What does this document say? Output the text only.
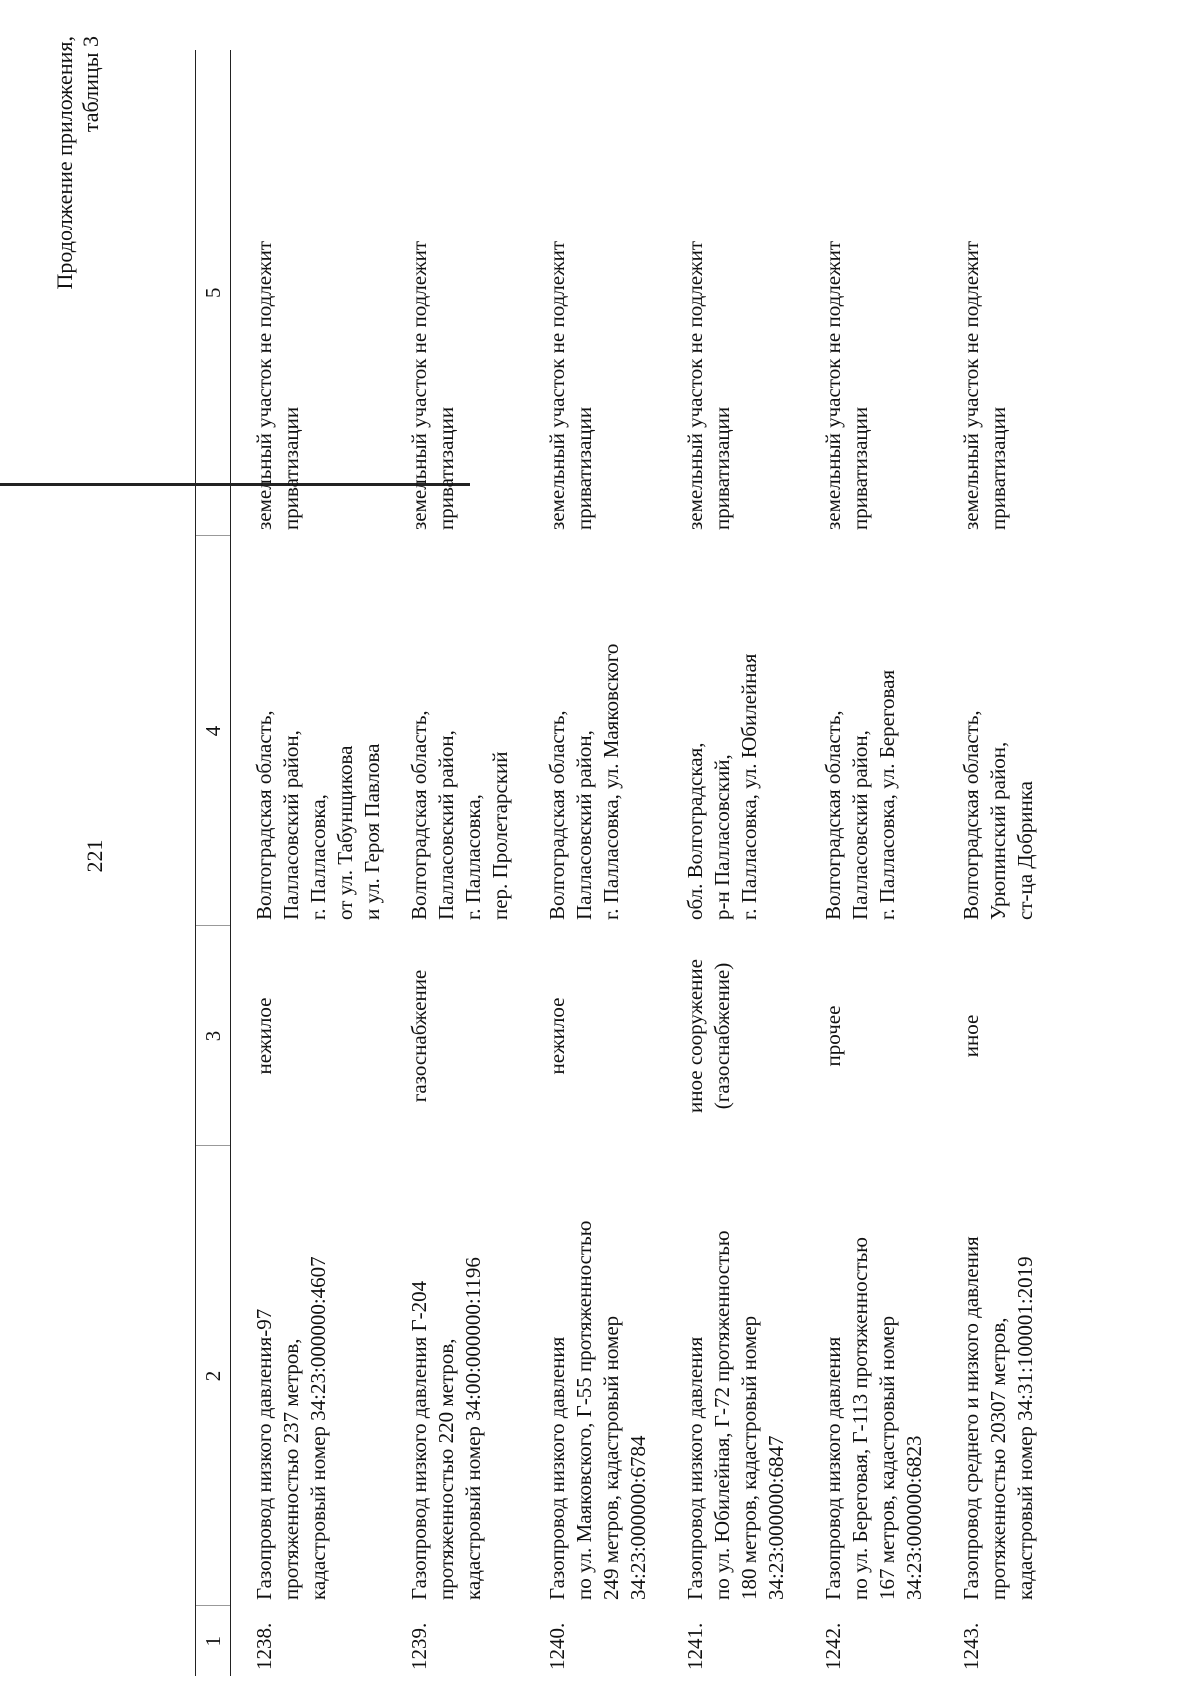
221
Продолжение приложения,
таблицы 3
1	2	3	4	5
1238.	Газопровод низкого давления-97
протяженностью 237 метров,
кадастровый номер 34:23:000000:4607	нежилое	Волгоградская область,
Палласовский район,
г. Палласовка,
от ул. Табунщикова
и ул. Героя Павлова	земельный участок не подлежит
приватизации
1239.	Газопровод низкого давления Г-204
протяженностью 220 метров,
кадастровый номер 34:00:000000:1196	газоснабжение	Волгоградская область,
Палласовский район,
г. Палласовка,
пер. Пролетарский	земельный участок не подлежит
приватизации
1240.	Газопровод низкого давления
по ул. Маяковского, Г-55 протяженностью
249 метров, кадастровый номер
34:23:000000:6784	нежилое	Волгоградская область,
Палласовский район,
г. Палласовка, ул. Маяковского	земельный участок не подлежит
приватизации
1241.	Газопровод низкого давления
по ул. Юбилейная, Г-72 протяженностью
180 метров, кадастровый номер
34:23:000000:6847	иное сооружение
(газоснабжение)	обл. Волгоградская,
р-н Палласовский,
г. Палласовка, ул. Юбилейная	земельный участок не подлежит
приватизации
1242.	Газопровод низкого давления
по ул. Береговая, Г-113 протяженностью
167 метров, кадастровый номер
34:23:000000:6823	прочее	Волгоградская область,
Палласовский район,
г. Палласовка, ул. Береговая	земельный участок не подлежит
приватизации
1243.	Газопровод среднего и низкого давления
протяженностью 20307 метров,
кадастровый номер 34:31:100001:2019	иное	Волгоградская область,
Урюпинский район,
ст-ца Добринка	земельный участок не подлежит
приватизации
